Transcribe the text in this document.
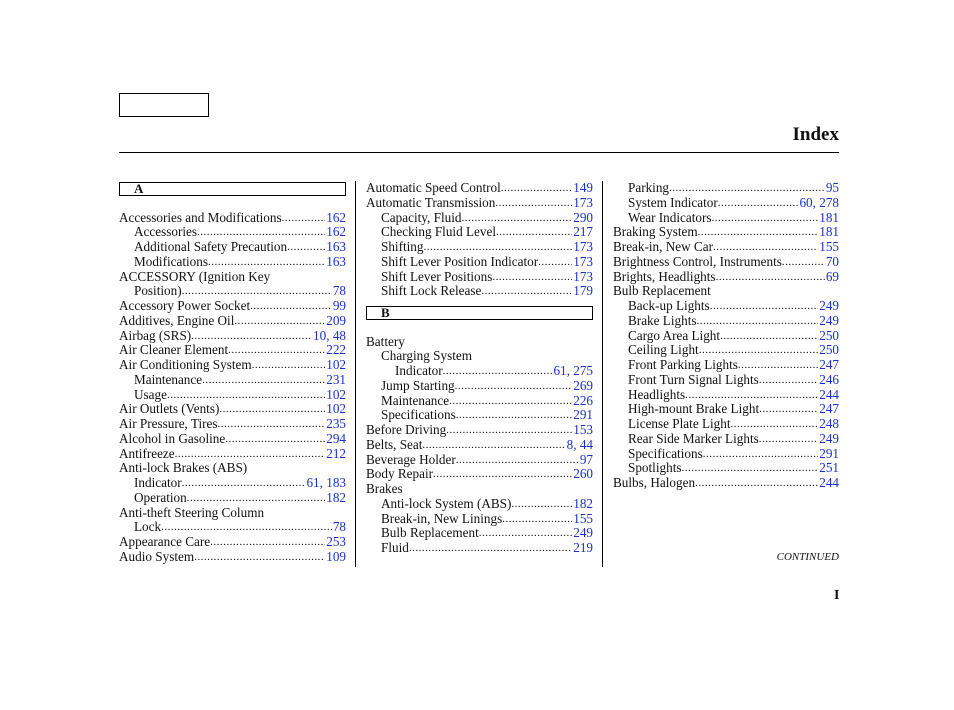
Index
A
Accessories and Modifications .....	162
Accessories .....	162
Additional Safety Precaution .....	163
Modifications .....	163
ACCESSORY (Ignition Key
Position) .....	78
Accessory Power Socket .....	99
Additives, Engine Oil .....	209
Airbag (SRS) .....	10, 48
Air Cleaner Element .....	222
Air Conditioning System .....	102
Maintenance .....	231
Usage .....	102
Air Outlets (Vents) .....	102
Air Pressure, Tires .....	235
Alcohol in Gasoline .....	294
Antifreeze .....	212
Anti-lock Brakes (ABS)
Indicator .....	61, 183
Operation .....	182
Anti-theft Steering Column
Lock .....	78
Appearance Care .....	253
Audio System .....	109
Automatic Speed Control .....	149
Automatic Transmission .....	173
Capacity, Fluid .....	290
Checking Fluid Level .....	217
Shifting .....	173
Shift Lever Position Indicator .....	173
Shift Lever Positions .....	173
Shift Lock Release .....	179
B
Battery
Charging System
Indicator .....	61, 275
Jump Starting .....	269
Maintenance .....	226
Specifications .....	291
Before Driving .....	153
Belts, Seat .....	8, 44
Beverage Holder .....	97
Body Repair .....	260
Brakes
Anti-lock System (ABS) .....	182
Break-in, New Linings .....	155
Bulb Replacement .....	249
Fluid .....	219
Parking .....	95
System Indicator .....	60, 278
Wear Indicators .....	181
Braking System .....	181
Break-in, New Car .....	155
Brightness Control, Instruments .....	70
Brights, Headlights .....	69
Bulb Replacement
Back-up Lights .....	249
Brake Lights .....	249
Cargo Area Light .....	250
Ceiling Light .....	250
Front Parking Lights .....	247
Front Turn Signal Lights .....	246
Headlights .....	244
High-mount Brake Light .....	247
License Plate Light .....	248
Rear Side Marker Lights .....	249
Specifications .....	291
Spotlights .....	251
Bulbs, Halogen .....	244
CONTINUED
I
